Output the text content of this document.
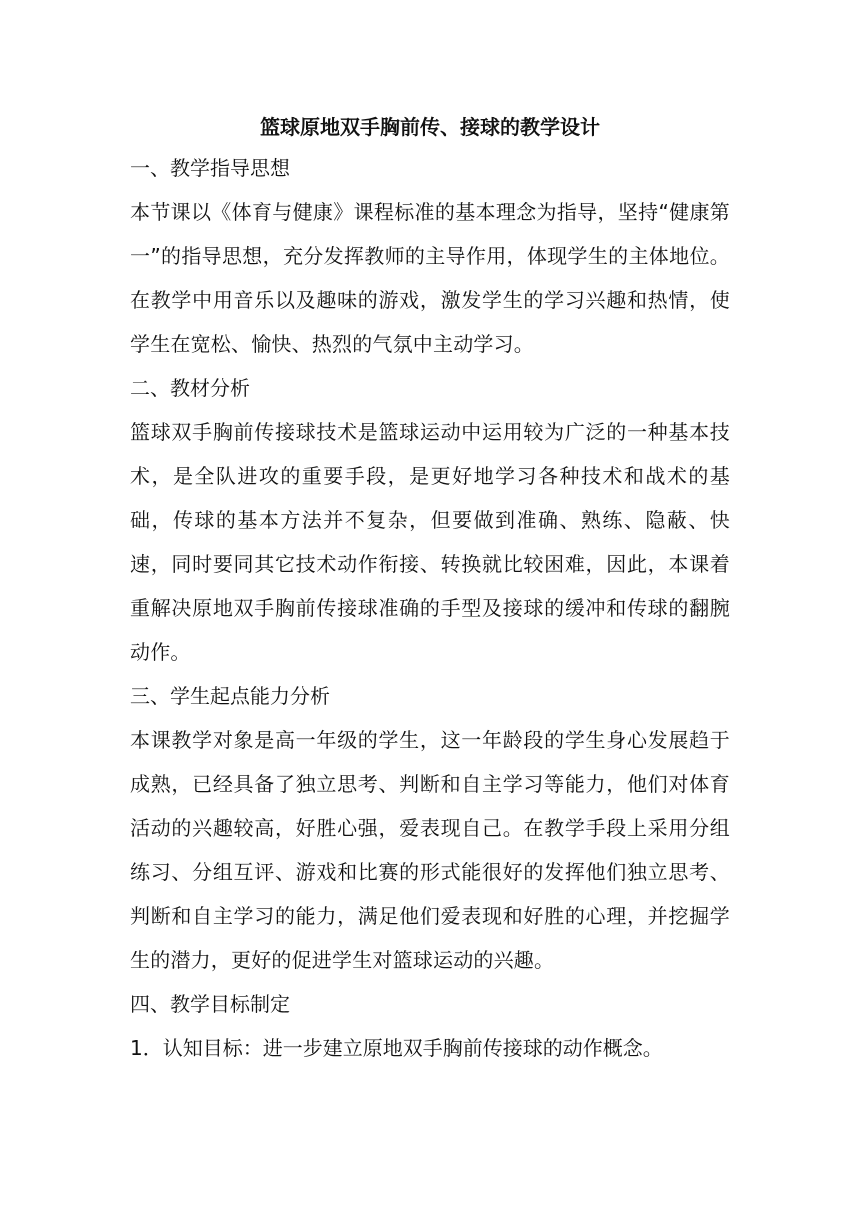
篮球原地双手胸前传、接球的教学设计

一、教学指导思想

本节课以《体育与健康》课程标准的基本理念为指导，坚持“健康第一”的指导思想，充分发挥教师的主导作用，体现学生的主体地位。在教学中用音乐以及趣味的游戏，激发学生的学习兴趣和热情，使学生在宽松、愉快、热烈的气氛中主动学习。

二、教材分析

篮球双手胸前传接球技术是篮球运动中运用较为广泛的一种基本技术，是全队进攻的重要手段，是更好地学习各种技术和战术的基础，传球的基本方法并不复杂，但要做到准确、熟练、隐蔽、快速，同时要同其它技术动作衔接、转换就比较困难，因此，本课着重解决原地双手胸前传接球准确的手型及接球的缓冲和传球的翻腕动作。

三、学生起点能力分析

本课教学对象是高一年级的学生，这一年龄段的学生身心发展趋于成熟，已经具备了独立思考、判断和自主学习等能力，他们对体育活动的兴趣较高，好胜心强，爱表现自己。在教学手段上采用分组练习、分组互评、游戏和比赛的形式能很好的发挥他们独立思考、判断和自主学习的能力，满足他们爱表现和好胜的心理，并挖掘学生的潜力，更好的促进学生对篮球运动的兴趣。

四、教学目标制定

1．认知目标：进一步建立原地双手胸前传接球的动作概念。
